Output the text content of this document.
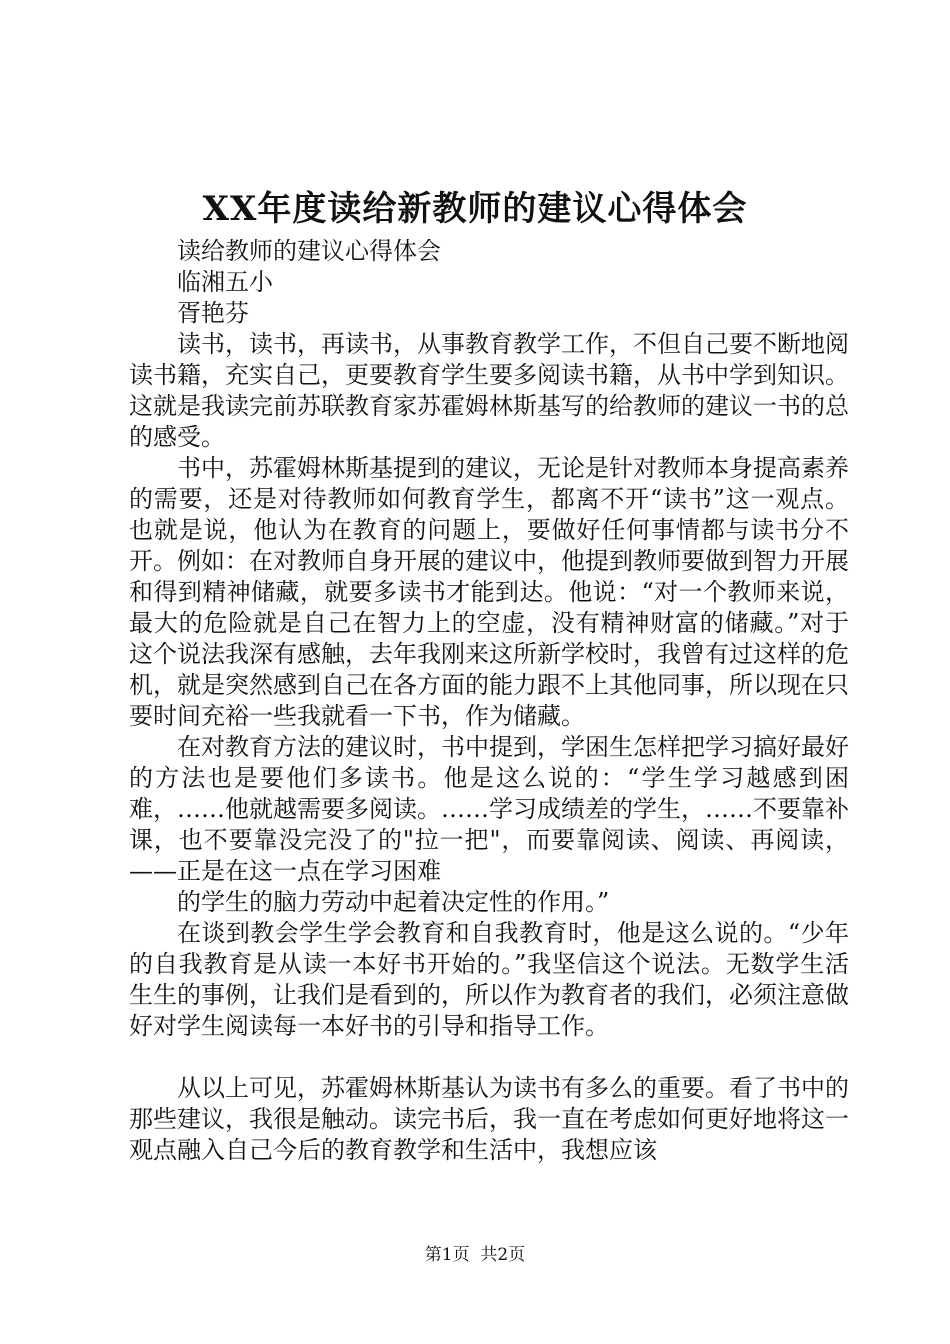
XX年度读给新教师的建议心得体会

读给教师的建议心得体会

临湘五小

胥艳芬

读书，读书，再读书，从事教育教学工作，不但自己要不断地阅读书籍，充实自己，更要教育学生要多阅读书籍，从书中学到知识。这就是我读完前苏联教育家苏霍姆林斯基写的给教师的建议一书的总的感受。

书中，苏霍姆林斯基提到的建议，无论是针对教师本身提高素养的需要，还是对待教师如何教育学生，都离不开“读书”这一观点。也就是说，他认为在教育的问题上，要做好任何事情都与读书分不开。例如：在对教师自身开展的建议中，他提到教师要做到智力开展和得到精神储藏，就要多读书才能到达。他说：“对一个教师来说，最大的危险就是自己在智力上的空虚，没有精神财富的储藏。”对于这个说法我深有感触，去年我刚来这所新学校时，我曾有过这样的危机，就是突然感到自己在各方面的能力跟不上其他同事，所以现在只要时间充裕一些我就看一下书，作为储藏。

在对教育方法的建议时，书中提到，学困生怎样把学习搞好最好的方法也是要他们多读书。他是这么说的：“学生学习越感到困难，……他就越需要多阅读。……学习成绩差的学生，……不要靠补课，也不要靠没完没了的"拉一把"，而要靠阅读、阅读、再阅读，——正是在这一点在学习困难

的学生的脑力劳动中起着决定性的作用。”

在谈到教会学生学会教育和自我教育时，他是这么说的。“少年的自我教育是从读一本好书开始的。”我坚信这个说法。无数学生活生生的事例，让我们是看到的，所以作为教育者的我们，必须注意做好对学生阅读每一本好书的引导和指导工作。

从以上可见，苏霍姆林斯基认为读书有多么的重要。看了书中的那些建议，我很是触动。读完书后，我一直在考虑如何更好地将这一观点融入自己今后的教育教学和生活中，我想应该

第1页  共2页
